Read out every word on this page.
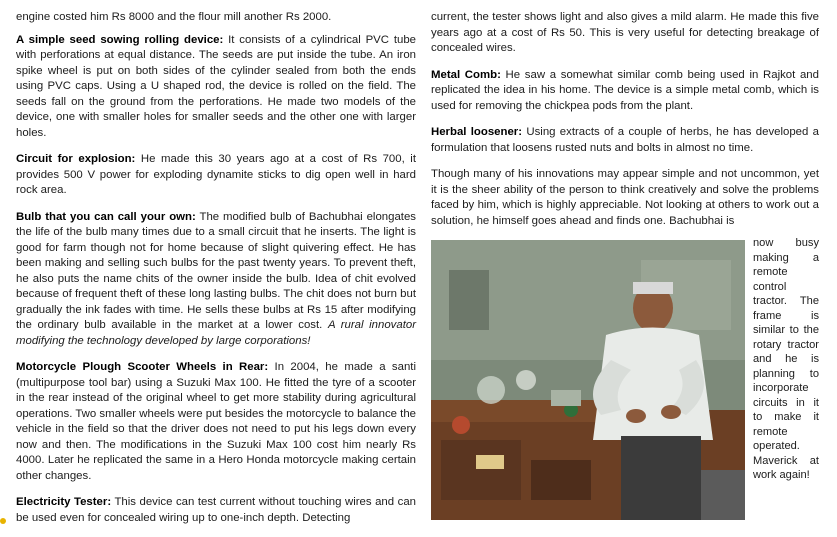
engine costed him Rs 8000 and the flour mill another Rs 2000.

A simple seed sowing rolling device: It consists of a cylindrical PVC tube with perforations at equal distance. The seeds are put inside the tube. An iron spike wheel is put on both sides of the cylinder sealed from both the ends using PVC caps. Using a U shaped rod, the device is rolled on the field. The seeds fall on the ground from the perforations. He made two models of the device, one with smaller holes for smaller seeds and the other one with larger holes.

Circuit for explosion: He made this 30 years ago at a cost of Rs 700, it provides 500 V power for exploding dynamite sticks to dig open well in hard rock area.

Bulb that you can call your own: The modified bulb of Bachubhai elongates the life of the bulb many times due to a small circuit that he inserts. The light is good for farm though not for home because of slight quivering effect. He has been making and selling such bulbs for the past twenty years. To prevent theft, he also puts the name chits of the owner inside the bulb. Idea of chit evolved because of frequent theft of these long lasting bulbs. The chit does not burn but gradually the ink fades with time. He sells these bulbs at Rs 15 after modifying the ordinary bulb available in the market at a lower cost. A rural innovator modifying the technology developed by large corporations!

Motorcycle Plough Scooter Wheels in Rear: In 2004, he made a santi (multipurpose tool bar) using a Suzuki Max 100. He fitted the tyre of a scooter in the rear instead of the original wheel to get more stability during agricultural operations. Two smaller wheels were put besides the motorcycle to balance the vehicle in the field so that the driver does not need to put his legs down every now and then. The modifications in the Suzuki Max 100 cost him nearly Rs 4000. Later he replicated the same in a Hero Honda motorcycle making certain other changes.

Electricity Tester: This device can test current without touching wires and can be used even for concealed wiring up to one-inch depth. Detecting

current, the tester shows light and also gives a mild alarm. He made this five years ago at a cost of Rs 50. This is very useful for detecting breakage of concealed wires.

Metal Comb: He saw a somewhat similar comb being used in Rajkot and replicated the idea in his home. The device is a simple metal comb, which is used for removing the chickpea pods from the plant.

Herbal loosener: Using extracts of a couple of herbs, he has developed a formulation that loosens rusted nuts and bolts in almost no time.

Though many of his innovations may appear simple and not uncommon, yet it is the sheer ability of the person to think creatively and solve the problems faced by him, which is highly appreciable. Not looking at others to work out a solution, he himself goes ahead and finds one. Bachubhai is

now busy making a remote control tractor. The frame is similar to the rotary tractor and he is planning to incorporate circuits in it to make it remote operated. Maverick at work again!
